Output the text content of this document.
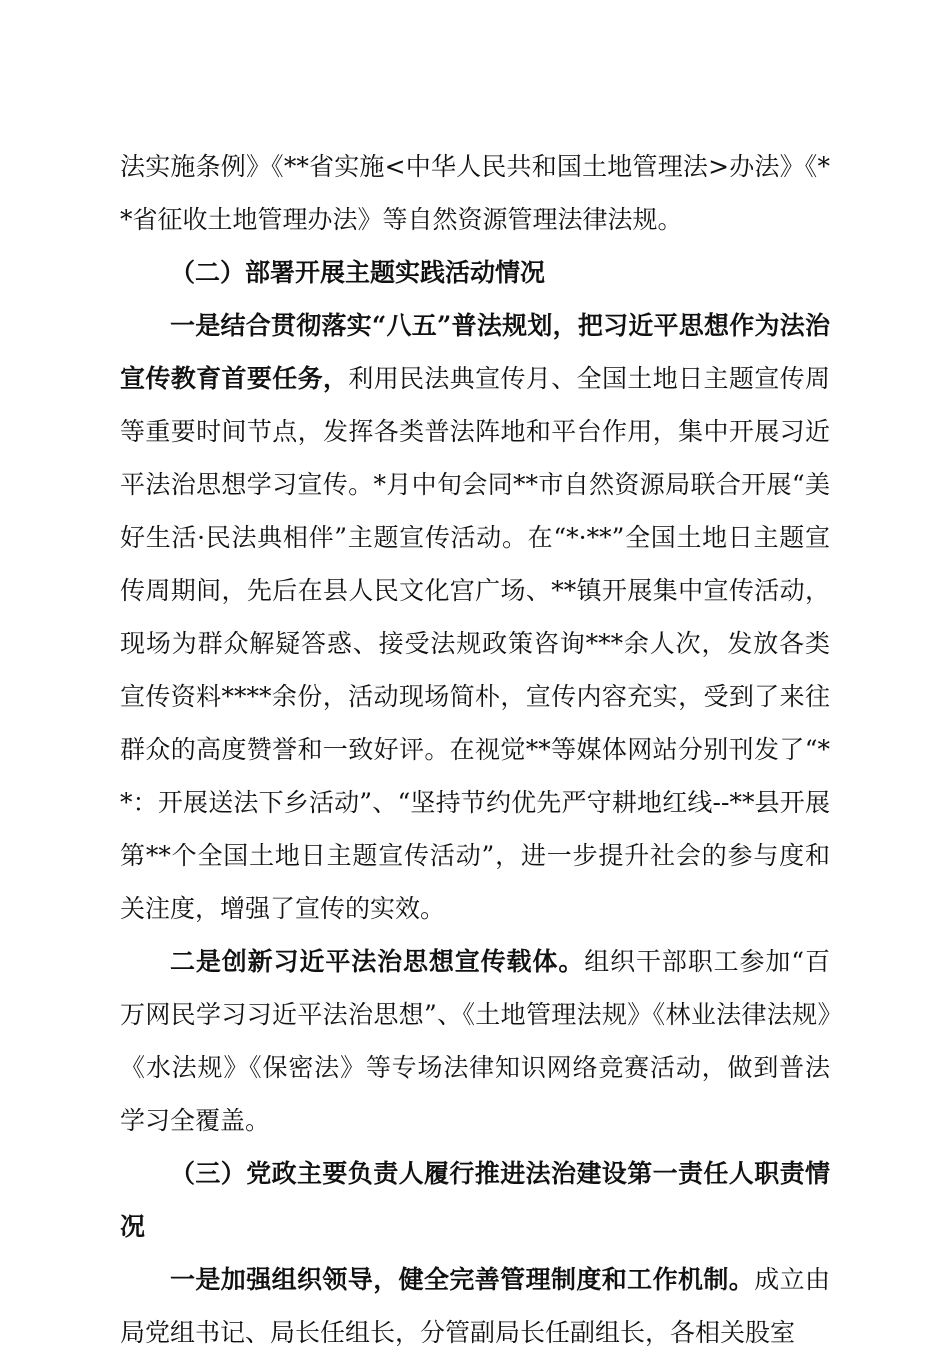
法实施条例》《**省实施<中华人民共和国土地管理法>办法》《**省征收土地管理办法》等自然资源管理法律法规。

（二）部署开展主题实践活动情况

一是结合贯彻落实“八五”普法规划，把习近平思想作为法治宣传教育首要任务，利用民法典宣传月、全国土地日主题宣传周等重要时间节点，发挥各类普法阵地和平台作用，集中开展习近平法治思想学习宣传。*月中旬会同**市自然资源局联合开展“美好生活·民法典相伴”主题宣传活动。在“*·**”全国土地日主题宣传周期间，先后在县人民文化宫广场、**镇开展集中宣传活动，现场为群众解疑答惑、接受法规政策咨询***余人次，发放各类宣传资料****余份，活动现场简朴，宣传内容充实，受到了来往群众的高度赞誉和一致好评。在视觉**等媒体网站分别刊发了“**：开展送法下乡活动”、“坚持节约优先严守耕地红线--**县开展第**个全国土地日主题宣传活动”，进一步提升社会的参与度和关注度，增强了宣传的实效。

二是创新习近平法治思想宣传载体。组织干部职工参加“百万网民学习习近平法治思想”、《土地管理法规》《林业法律法规》《水法规》《保密法》等专场法律知识网络竞赛活动，做到普法学习全覆盖。

（三）党政主要负责人履行推进法治建设第一责任人职责情况

一是加强组织领导，健全完善管理制度和工作机制。成立由局党组书记、局长任组长，分管副局长任副组长，各相关股室
